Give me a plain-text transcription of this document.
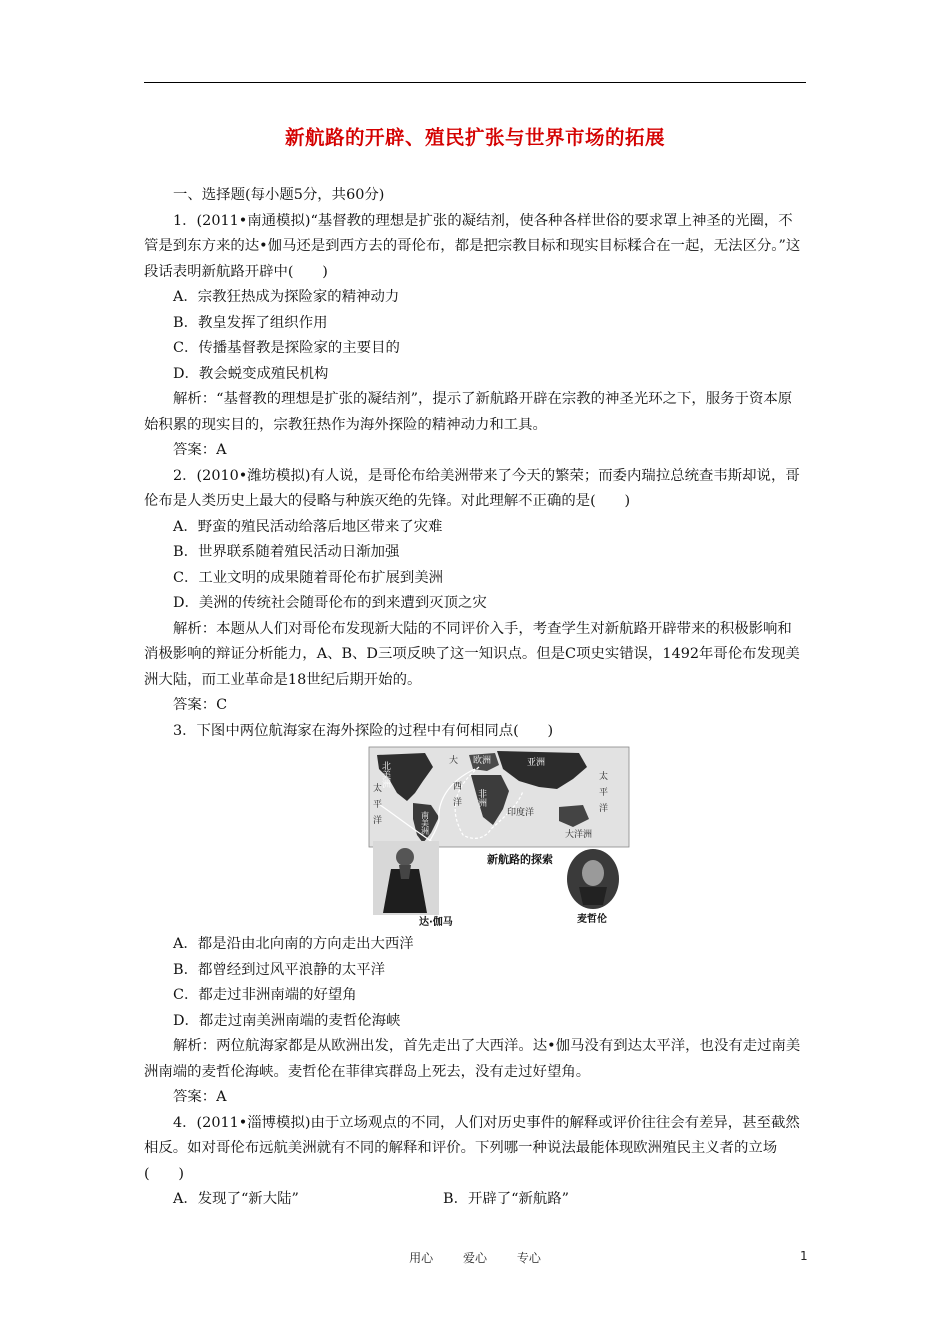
新航路的开辟、殖民扩张与世界市场的拓展

一、选择题(每小题5分，共60分)

1．(2011•南通模拟)“基督教的理想是扩张的凝结剂，使各种各样世俗的要求罩上神圣的光圈，不管是到东方来的达•伽马还是到西方去的哥伦布，都是把宗教目标和现实目标糅合在一起，无法区分。”这段话表明新航路开辟中(　　)

A．宗教狂热成为探险家的精神动力

B．教皇发挥了组织作用

C．传播基督教是探险家的主要目的

D．教会蜕变成殖民机构

解析：“基督教的理想是扩张的凝结剂”，提示了新航路开辟在宗教的神圣光环之下，服务于资本原始积累的现实目的，宗教狂热作为海外探险的精神动力和工具。

答案：A

2．(2010•潍坊模拟)有人说，是哥伦布给美洲带来了今天的繁荣；而委内瑞拉总统查韦斯却说，哥伦布是人类历史上最大的侵略与种族灭绝的先锋。对此理解不正确的是(　　)

A．野蛮的殖民活动给落后地区带来了灾难

B．世界联系随着殖民活动日渐加强

C．工业文明的成果随着哥伦布扩展到美洲

D．美洲的传统社会随哥伦布的到来遭到灭顶之灾

解析：本题从人们对哥伦布发现新大陆的不同评价入手，考查学生对新航路开辟带来的积极影响和消极影响的辩证分析能力，A、B、D三项反映了这一知识点。但是C项史实错误，1492年哥伦布发现美洲大陆，而工业革命是18世纪后期开始的。

答案：C

3．下图中两位航海家在海外探险的过程中有何相同点(　　)

北美洲	大
西
洋
欧洲	亚洲
太
平
洋
非洲
南美洲	印度洋
太
平
洋
大洋洲
新航路的探索
达·伽马	麦哲伦

A．都是沿由北向南的方向走出大西洋

B．都曾经到过风平浪静的太平洋

C．都走过非洲南端的好望角

D．都走过南美洲南端的麦哲伦海峡

解析：两位航海家都是从欧洲出发，首先走出了大西洋。达•伽马没有到达太平洋，也没有走过南美洲南端的麦哲伦海峡。麦哲伦在菲律宾群岛上死去，没有走过好望角。

答案：A

4．(2011•淄博模拟)由于立场观点的不同，人们对历史事件的解释或评价往往会有差异，甚至截然相反。如对哥伦布远航美洲就有不同的解释和评价。下列哪一种说法最能体现欧洲殖民主义者的立场(　　)

A．发现了“新大陆”	B．开辟了“新航路”

用心 爱心 专心	1
